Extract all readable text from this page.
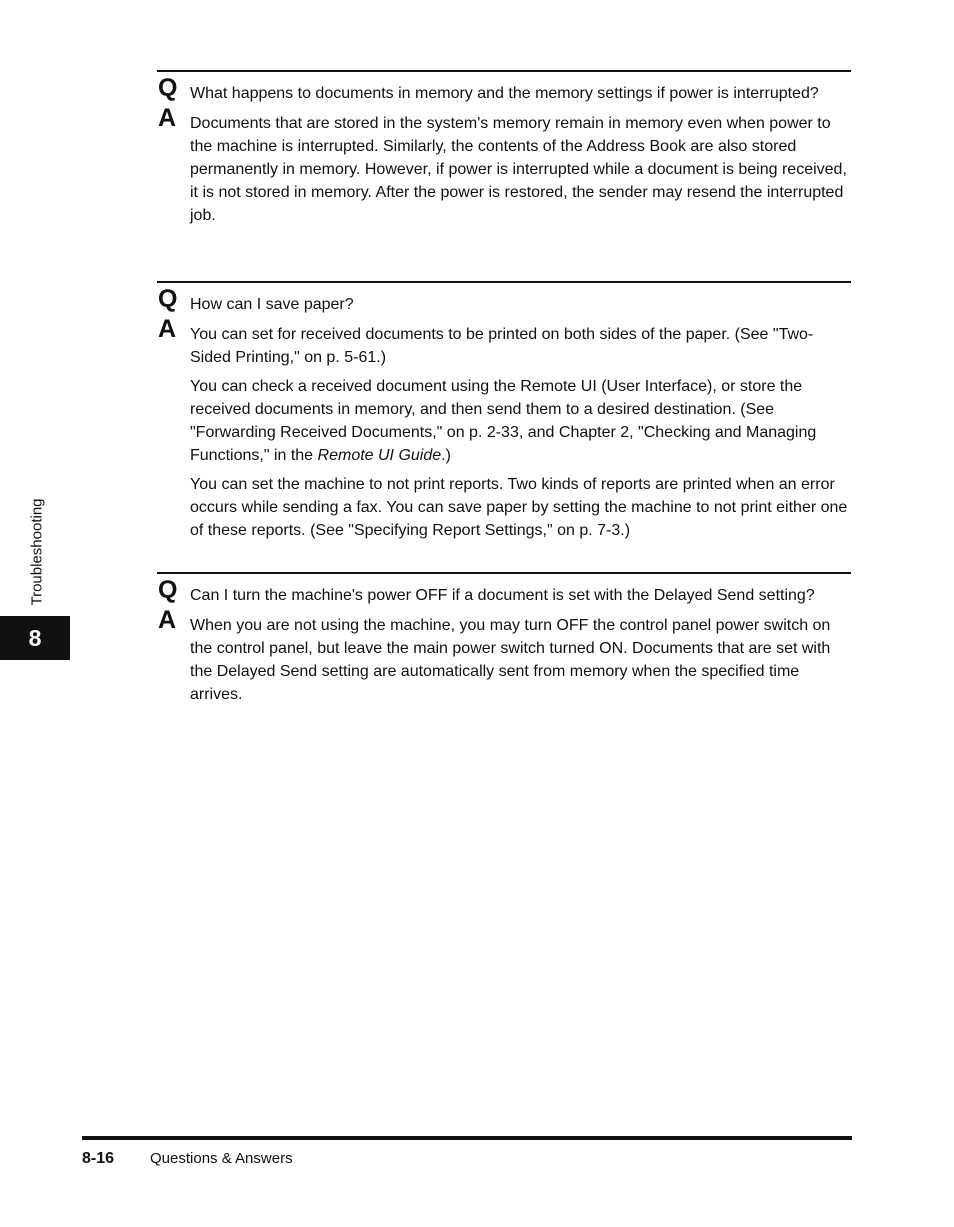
Q What happens to documents in memory and the memory settings if power is interrupted?
A Documents that are stored in the system's memory remain in memory even when power to the machine is interrupted. Similarly, the contents of the Address Book are also stored permanently in memory. However, if power is interrupted while a document is being received, it is not stored in memory. After the power is restored, the sender may resend the interrupted job.

Q How can I save paper?
A You can set for received documents to be printed on both sides of the paper. (See "Two-Sided Printing," on p. 5-61.)

You can check a received document using the Remote UI (User Interface), or store the received documents in memory, and then send them to a desired destination. (See "Forwarding Received Documents," on p. 2-33, and Chapter 2, "Checking and Managing Functions," in the Remote UI Guide.)

You can set the machine to not print reports. Two kinds of reports are printed when an error occurs while sending a fax. You can save paper by setting the machine to not print either one of these reports. (See "Specifying Report Settings," on p. 7-3.)

Q Can I turn the machine's power OFF if a document is set with the Delayed Send setting?
A When you are not using the machine, you may turn OFF the control panel power switch on the control panel, but leave the main power switch turned ON. Documents that are set with the Delayed Send setting are automatically sent from memory when the specified time arrives.

Troubleshooting
8
8-16 Questions & Answers
